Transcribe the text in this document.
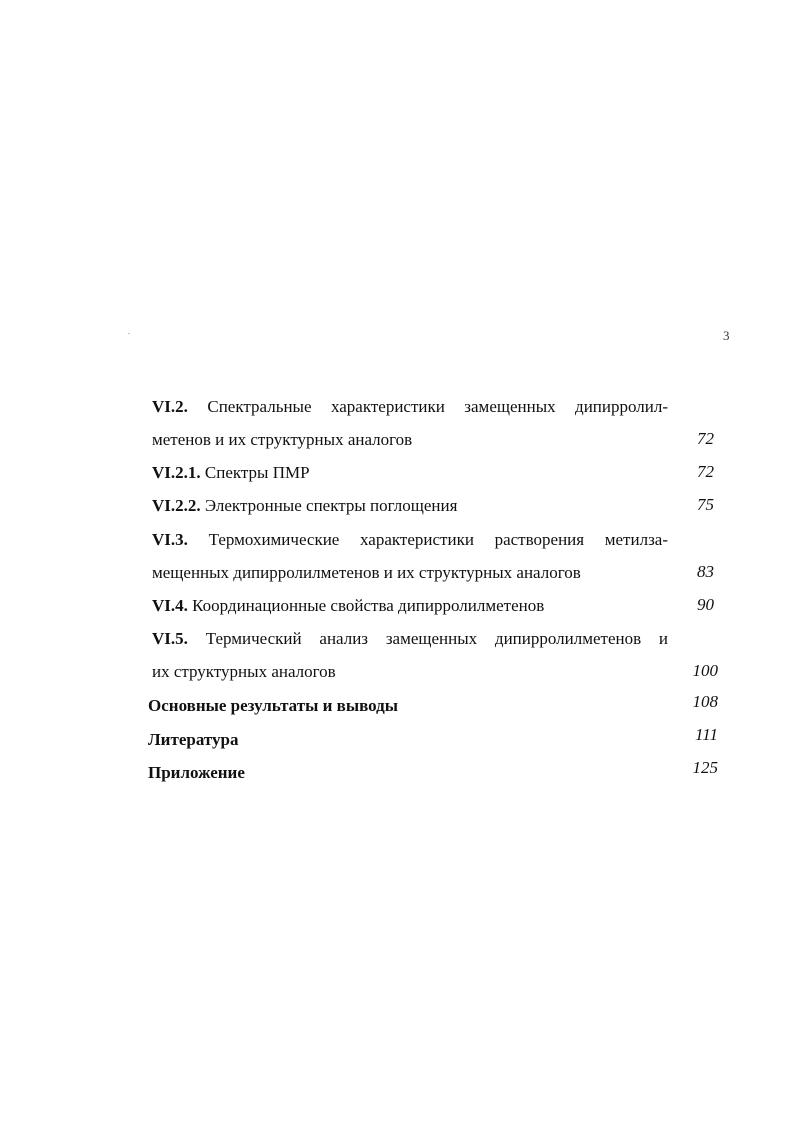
3
VI.2. Спектральные характеристики замещенных дипирролил-
метенов и их структурных аналогов	72
VI.2.1. Спектры ПМР	72
VI.2.2. Электронные спектры поглощения	75
VI.3. Термохимические характеристики растворения метилза-
мещенных дипирролилметенов и их структурных аналогов	83
VI.4. Координационные свойства дипирролилметенов	90
VI.5. Термический анализ замещенных дипирролилметенов и
их структурных аналогов	100
Основные результаты и выводы	108
Литература	111
Приложение	125
